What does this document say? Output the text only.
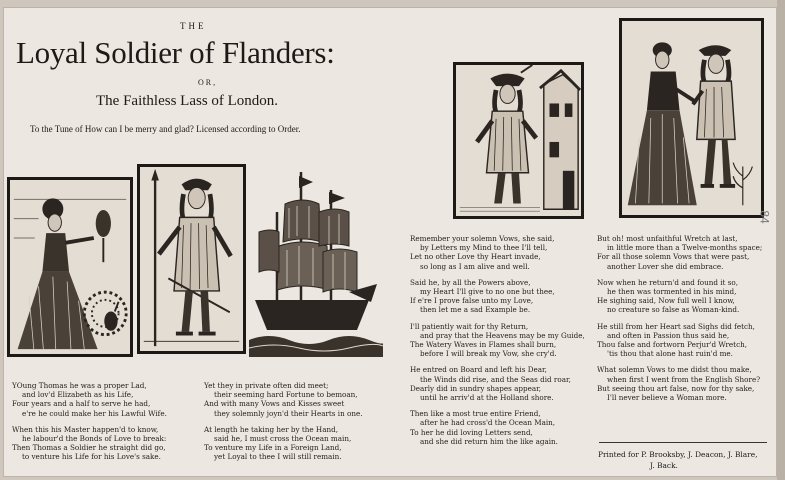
THE
Loyal Soldier of Flanders:
OR,
The Faithless Lass of London.
To the Tune of How can I be merry and glad? Licensed according to Order.
YOung Thomas he was a proper Lad,
and lov'd Elizabeth as his Life,
Four years and a half to serve he had,
e're he could make her his Lawful Wife.
When this his Master happen'd to know,
he labour'd the Bonds of Love to break:
Then Thomas a Soldier he straight did go,
to venture his Life for his Love's sake.
Yet they in private often did meet;
their seeming hard Fortune to bemoan,
And with many Vows and Kisses sweet
they solemnly joyn'd their Hearts in one.
At length he taking her by the Hand,
said he, I must cross the Ocean main,
To venture my Life in a Foreign Land,
yet Loyal to thee I will still remain.
Remember your solemn Vows, she said,
by Letters my Mind to thee I'll tell,
Let no other Love thy Heart invade,
so long as I am alive and well.
Said he, by all the Powers above,
my Heart I'll give to no one but thee,
If e're I prove false unto my Love,
then let me a sad Example be.
I'll patiently wait for thy Return,
and pray that the Heavens may be my Guide,
The Watery Waves in Flames shall burn,
before I will break my Vow, she cry'd.
He entred on Board and left his Dear,
the Winds did rise, and the Seas did roar,
Dearly did in sundry shapes appear,
until he arriv'd at the Holland shore.
Then like a most true entire Friend,
after he had cross'd the Ocean Main,
To her he did loving Letters send,
and she did return him the like again.
But oh! most unfaithful Wretch at last,
in little more than a Twelve-months space;
For all those solemn Vows that were past,
another Lover she did embrace.
Now when he return'd and found it so,
he then was tormented in his mind,
He sighing said, Now full well I know,
no creature so false as Woman-kind.
He still from her Heart sad Sighs did fetch,
and often in Passion thus said he,
Thou false and fortworn Perjur'd Wretch,
'tis thou that alone hast ruin'd me.
What solemn Vows to me didst thou make,
when first I went from the English Shore?
But seeing thou art false, now for thy sake,
I'll never believe a Woman more.
Printed for P. Brooksby, J. Deacon, J. Blare,
J. Back.
84
